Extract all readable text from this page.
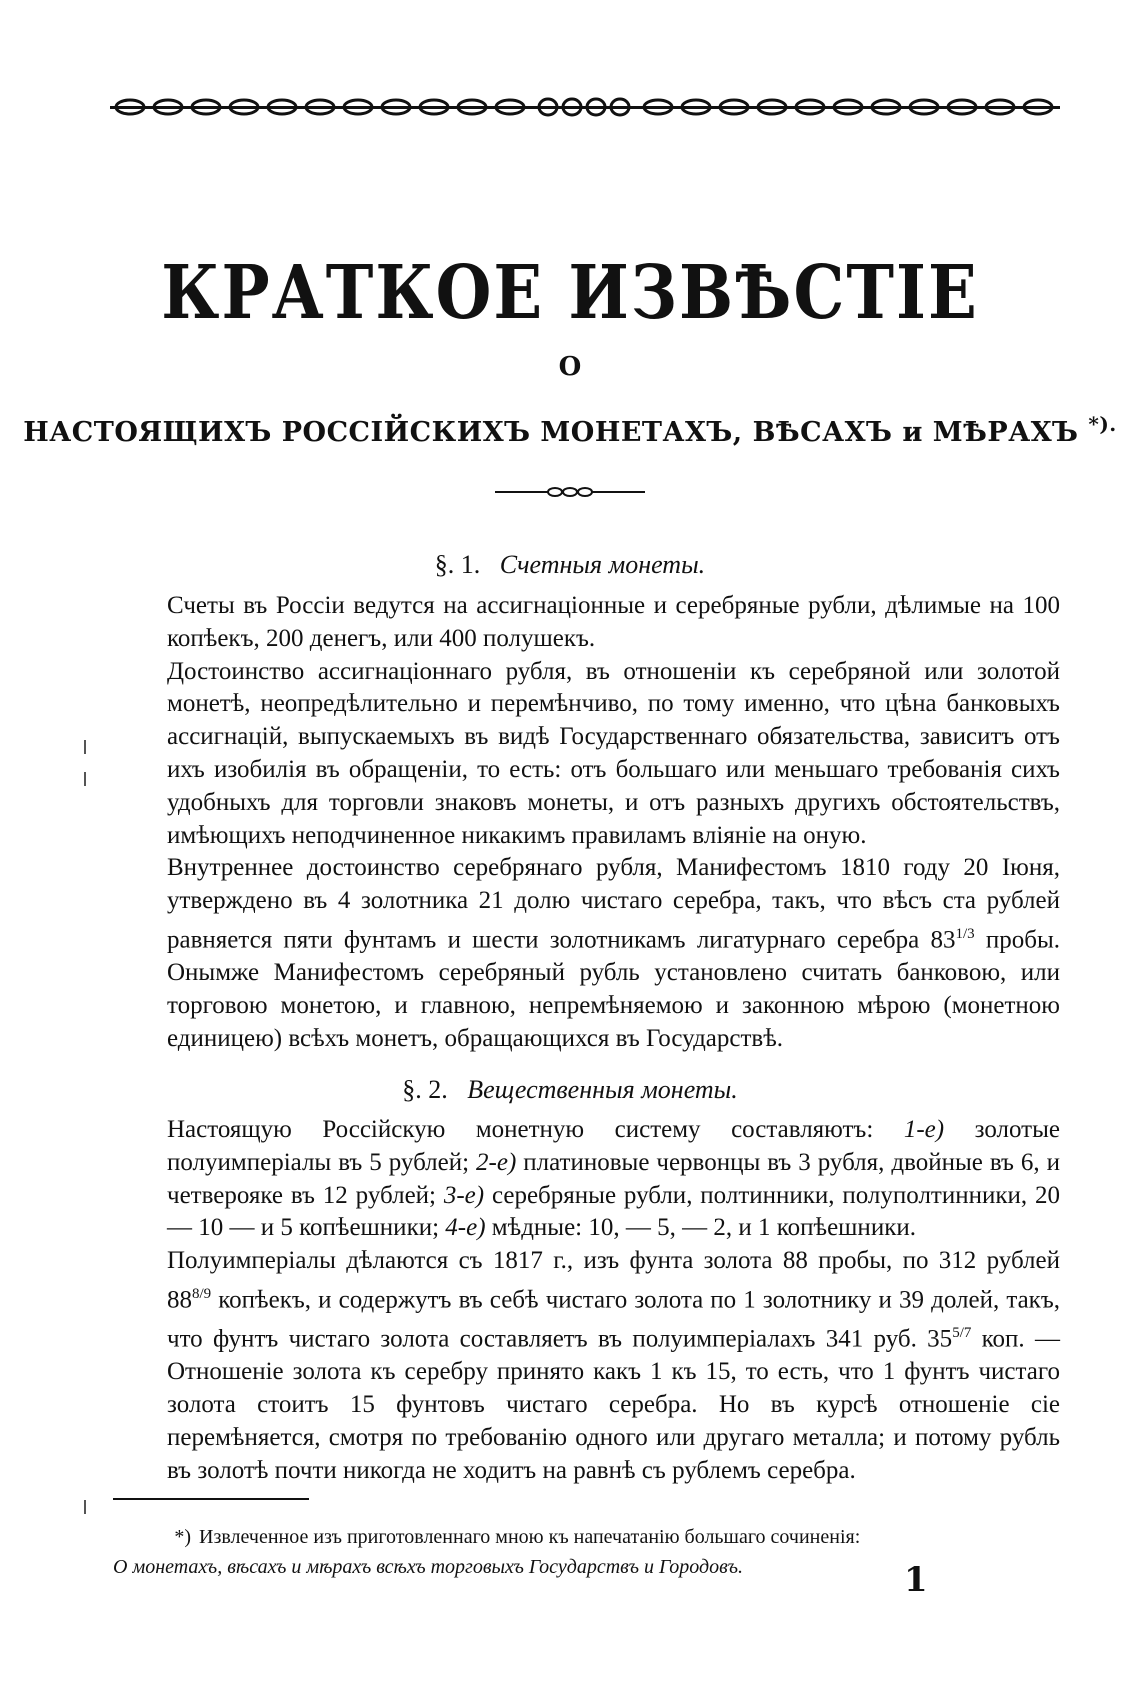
КРАТКОЕ ИЗВѢСТІЕ
О
НАСТОЯЩИХЪ РОССІЙСКИХЪ МОНЕТАХЪ, ВѢСАХЪ и МѢРАХЪ *).
§. 1. Счетныя монеты.

Счеты въ Россіи ведутся на ассигнаціонные и серебряные рубли, дѣлимые на 100 копѣекъ, 200 денегъ, или 400 полушекъ.

Достоинство ассигнаціоннаго рубля, въ отношеніи къ серебряной или золотой монетѣ, неопредѣлительно и перемѣнчиво, по тому именно, что цѣна банковыхъ ассигнацій, выпускаемыхъ въ видѣ Государственнаго обязательства, зависитъ отъ ихъ изобилія въ обращеніи, то есть: отъ большаго или меньшаго требованія сихъ удобныхъ для торговли знаковъ монеты, и отъ разныхъ другихъ обстоятельствъ, имѣющихъ неподчиненное никакимъ правиламъ вліяніе на оную.

Внутреннее достоинство серебрянаго рубля, Манифестомъ 1810 году 20 Іюня, утверждено въ 4 золотника 21 долю чистаго серебра, такъ, что вѣсъ ста рублей равняется пяти фунтамъ и шести золотникамъ лигатурнаго серебра $83^{1/3}$ пробы. Онымже Манифестомъ серебряный рубль установлено считать банковою, или торговою монетою, и главною, непремѣняемою и законною мѣрою (монетною единицею) всѣхъ монетъ, обращающихся въ Государствѣ.

§. 2. Вещественныя монеты.

Настоящую Россійскую монетную систему составляютъ: 1-е) золотые полуимперіалы въ 5 рублей; 2-е) платиновые червонцы въ 3 рубля, двойные въ 6, и четверояке въ 12 рублей; 3-е) серебряные рубли, полтинники, полуполтинники, 20 — 10 — и 5 копѣешники; 4-е) мѣдные: 10, — 5, — 2, и 1 копѣешники.

Полуимперіалы дѣлаются съ 1817 г., изъ фунта золота 88 пробы, по 312 рублей $88^{8/9}$ копѣекъ, и содержутъ въ себѣ чистаго золота по 1 золотнику и 39 долей, такъ, что фунтъ чистаго золота составляетъ въ полуимперіалахъ 341 руб. $35^{5/7}$ коп. — Отношеніе золота къ серебру принято какъ 1 къ 15, то есть, что 1 фунтъ чистаго золота стоитъ 15 фунтовъ чистаго серебра. Но въ курсѣ отношеніе сіе перемѣняется, смотря по требованію одного или другаго металла; и потому рубль въ золотѣ почти никогда не ходитъ на равнѣ съ рублемъ серебра.

*) Извлеченное изъ приготовленнаго мною къ напечатанію большаго сочиненія:
О монетахъ, вѣсахъ и мѣрахъ всѣхъ торговыхъ Государствъ и Городовъ.	1
